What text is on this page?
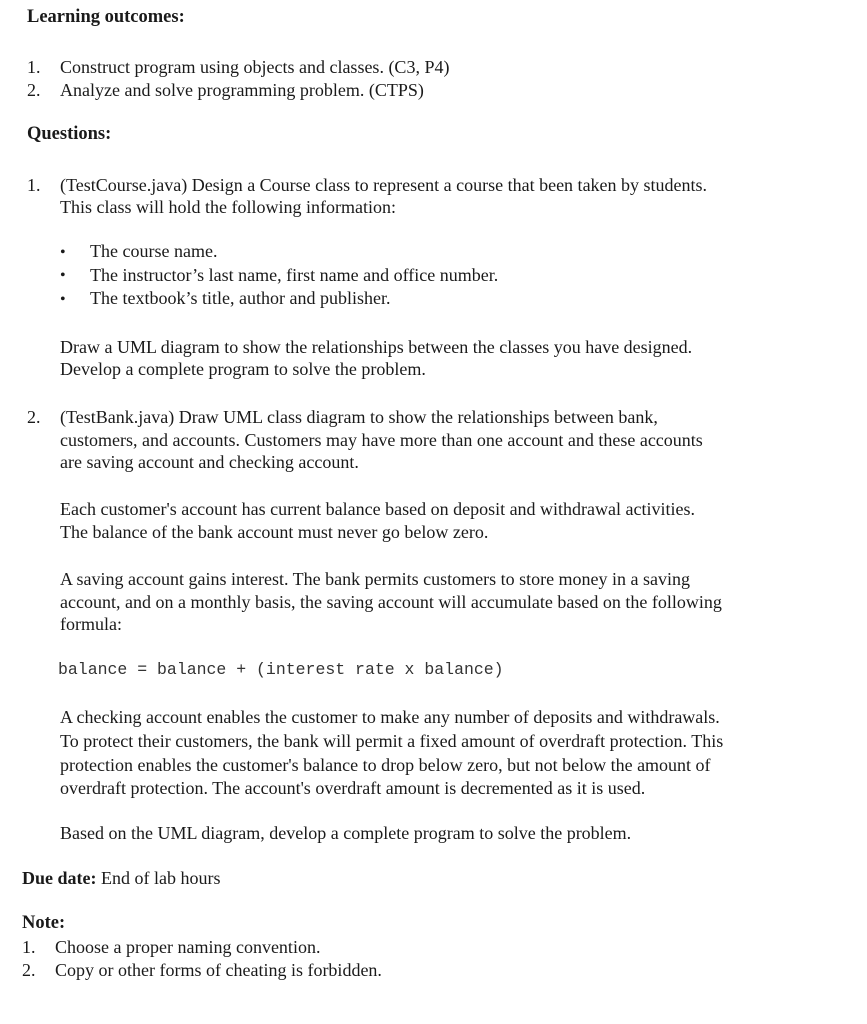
Learning outcomes:
1. Construct program using objects and classes. (C3, P4)
2. Analyze and solve programming problem. (CTPS)
Questions:
1. (TestCourse.java) Design a Course class to represent a course that been taken by students.
This class will hold the following information:
• The course name.
• The instructor’s last name, first name and office number.
• The textbook’s title, author and publisher.
Draw a UML diagram to show the relationships between the classes you have designed.
Develop a complete program to solve the problem.
2. (TestBank.java) Draw UML class diagram to show the relationships between bank,
customers, and accounts. Customers may have more than one account and these accounts
are saving account and checking account.
Each customer's account has current balance based on deposit and withdrawal activities.
The balance of the bank account must never go below zero.
A saving account gains interest. The bank permits customers to store money in a saving
account, and on a monthly basis, the saving account will accumulate based on the following
formula:
balance = balance + (interest rate x balance)
A checking account enables the customer to make any number of deposits and withdrawals.
To protect their customers, the bank will permit a fixed amount of overdraft protection. This
protection enables the customer's balance to drop below zero, but not below the amount of
overdraft protection. The account's overdraft amount is decremented as it is used.
Based on the UML diagram, develop a complete program to solve the problem.
Due date: End of lab hours
Note:
1. Choose a proper naming convention.
2. Copy or other forms of cheating is forbidden.
